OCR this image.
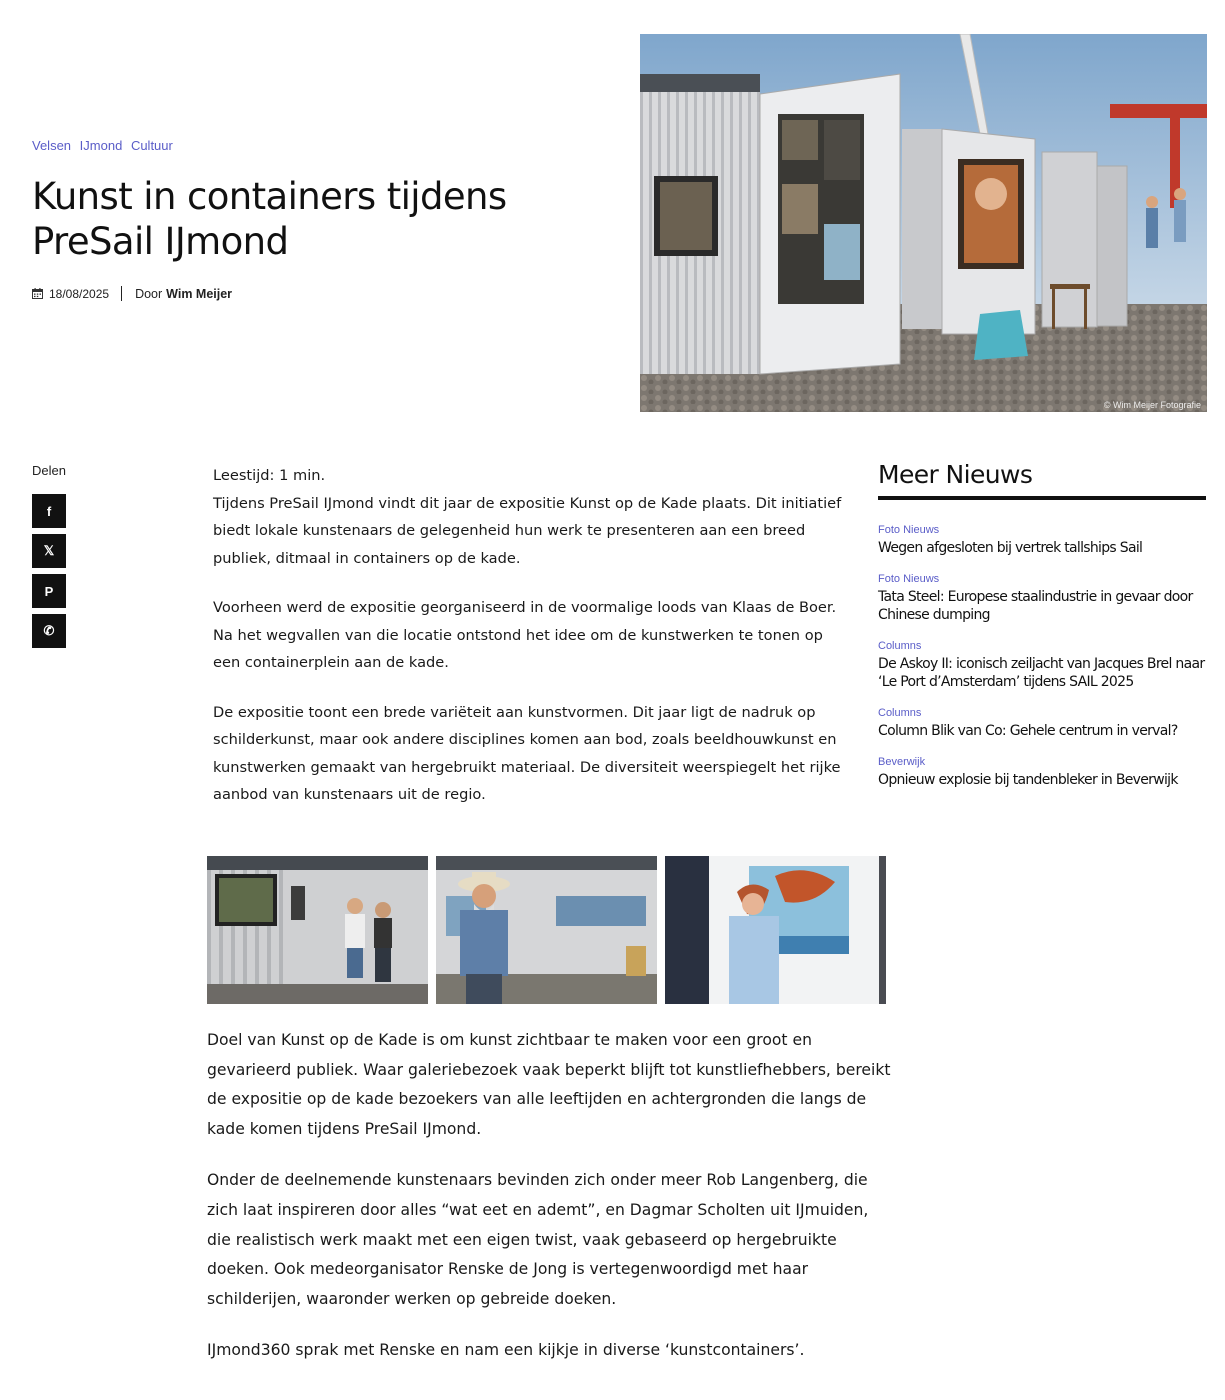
Velsen IJmond Cultuur
Kunst in containers tijdens PreSail IJmond
18/08/2025 Door Wim Meijer
© Wim Meijer Fotografie
Delen
f
𝕏
P
✆
Leestijd: 1 min.

Tijdens PreSail IJmond vindt dit jaar de expositie Kunst op de Kade plaats. Dit initiatief biedt lokale kunstenaars de gelegenheid hun werk te presenteren aan een breed publiek, ditmaal in containers op de kade.

Voorheen werd de expositie georganiseerd in de voormalige loods van Klaas de Boer. Na het wegvallen van die locatie ontstond het idee om de kunstwerken te tonen op een containerplein aan de kade.

De expositie toont een brede variëteit aan kunstvormen. Dit jaar ligt de nadruk op schilderkunst, maar ook andere disciplines komen aan bod, zoals beeldhouwkunst en kunstwerken gemaakt van hergebruikt materiaal. De diversiteit weerspiegelt het rijke aanbod van kunstenaars uit de regio.

Doel van Kunst op de Kade is om kunst zichtbaar te maken voor een groot en gevarieerd publiek. Waar galeriebezoek vaak beperkt blijft tot kunstliefhebbers, bereikt de expositie op de kade bezoekers van alle leeftijden en achtergronden die langs de kade komen tijdens PreSail IJmond.

Onder de deelnemende kunstenaars bevinden zich onder meer Rob Langenberg, die zich laat inspireren door alles “wat eet en ademt”, en Dagmar Scholten uit IJmuiden, die realistisch werk maakt met een eigen twist, vaak gebaseerd op hergebruikte doeken. Ook medeorganisator Renske de Jong is vertegenwoordigd met haar schilderijen, waaronder werken op gebreide doeken.

IJmond360 sprak met Renske en nam een kijkje in diverse ‘kunstcontainers’.

Meer Nieuws
Foto Nieuws
Wegen afgesloten bij vertrek tallships Sail
Foto Nieuws
Tata Steel: Europese staalindustrie in gevaar door Chinese dumping
Columns
De Askoy II: iconisch zeiljacht van Jacques Brel naar ‘Le Port d’Amsterdam’ tijdens SAIL 2025
Columns
Column Blik van Co: Gehele centrum in verval?
Beverwijk
Opnieuw explosie bij tandenbleker in Beverwijk
